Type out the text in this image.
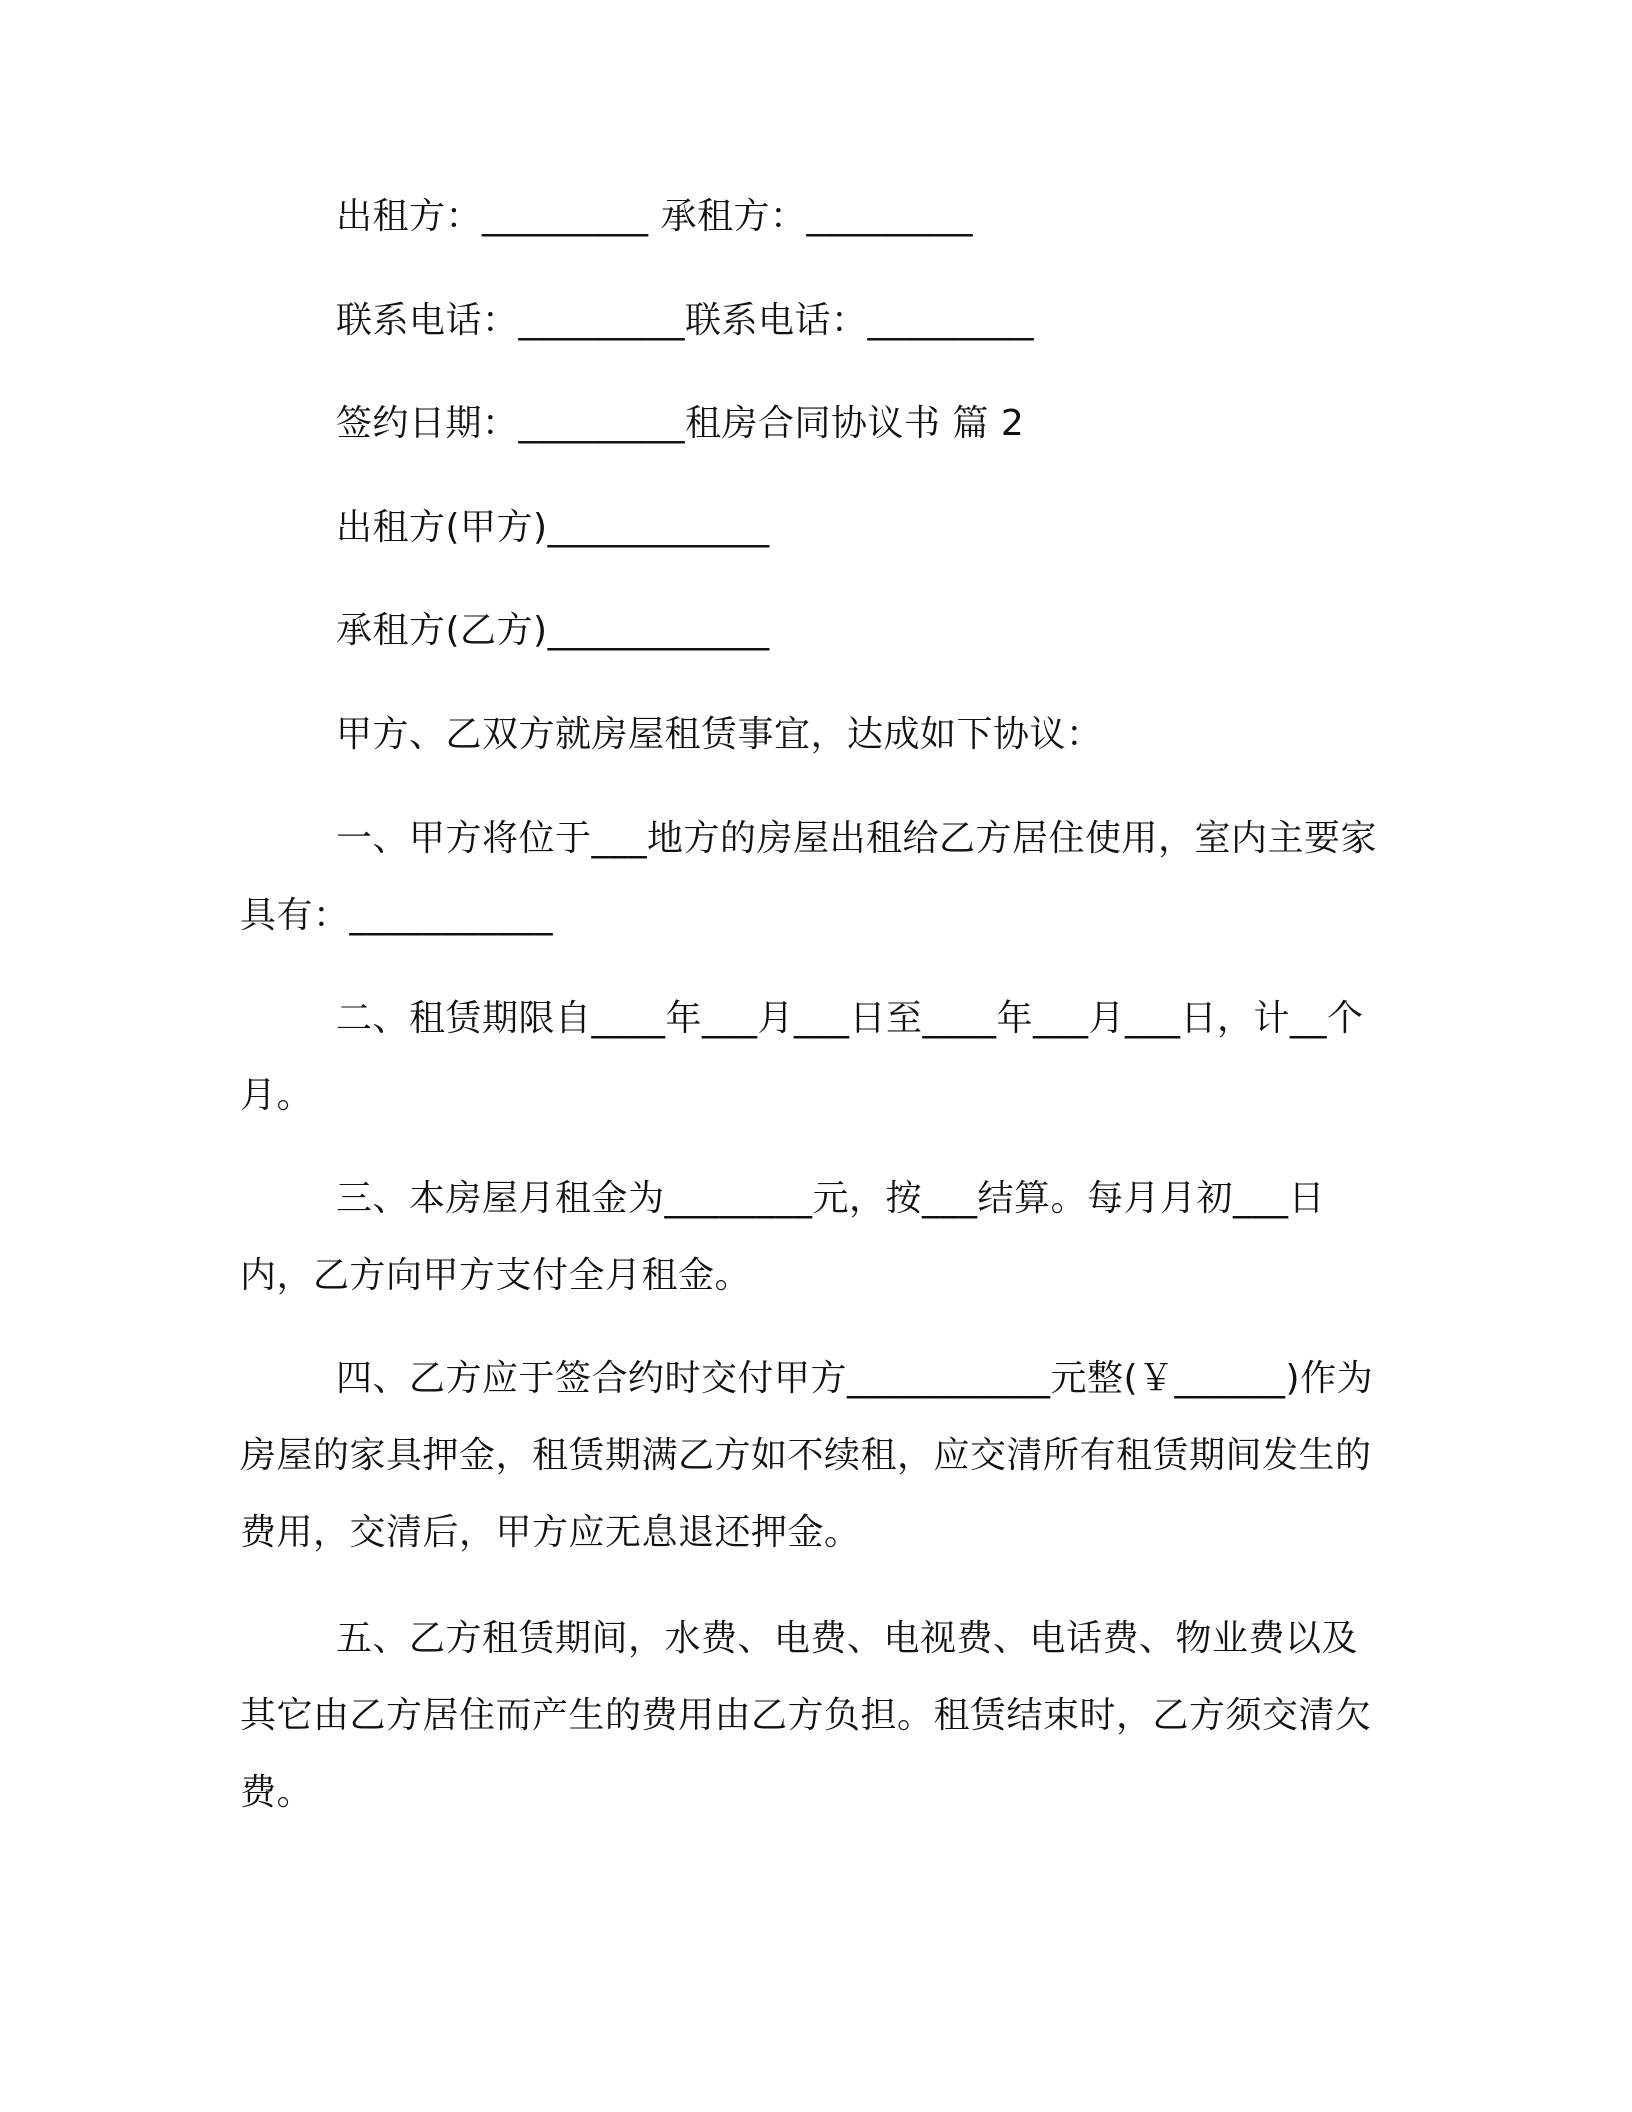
出租方：_________ 承租方：_________

联系电话：_________联系电话：_________

签约日期：_________租房合同协议书 篇 2

出租方(甲方)____________

承租方(乙方)____________

甲方、乙双方就房屋租赁事宜，达成如下协议：

一、甲方将位于___地方的房屋出租给乙方居住使用，室内主要家具有：___________

二、租赁期限自____年___月___日至____年___月___日，计__个月。

三、本房屋月租金为________元，按___结算。每月月初___日内，乙方向甲方支付全月租金。

四、乙方应于签合约时交付甲方___________元整(￥______)作为房屋的家具押金，租赁期满乙方如不续租，应交清所有租赁期间发生的费用，交清后，甲方应无息退还押金。

五、乙方租赁期间，水费、电费、电视费、电话费、物业费以及其它由乙方居住而产生的费用由乙方负担。租赁结束时，乙方须交清欠费。
